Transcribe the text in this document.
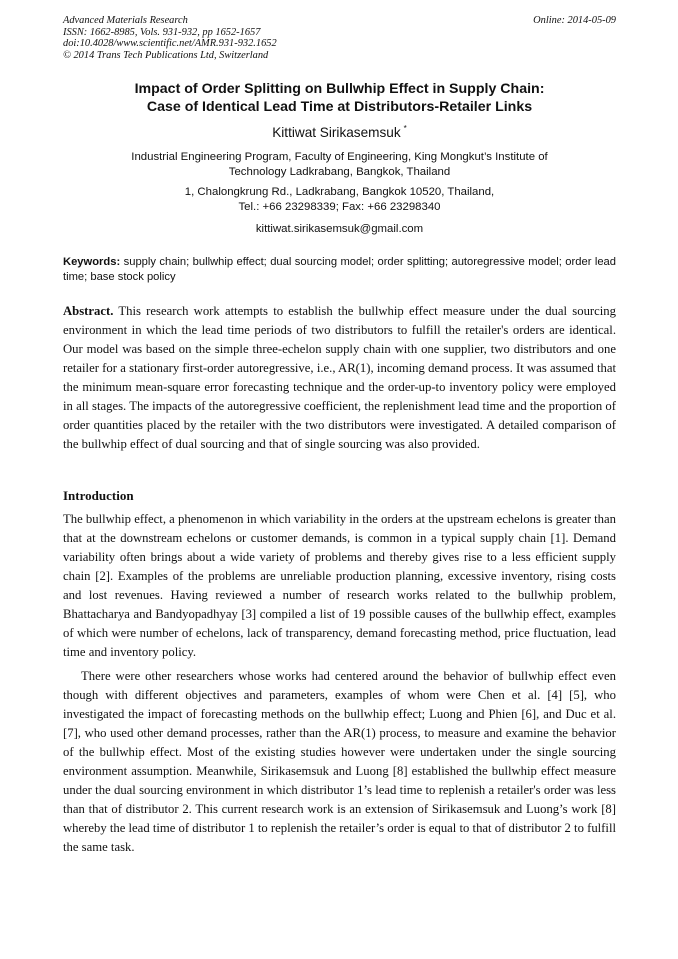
Advanced Materials Research	Online: 2014-05-09
ISSN: 1662-8985, Vols. 931-932, pp 1652-1657
doi:10.4028/www.scientific.net/AMR.931-932.1652
© 2014 Trans Tech Publications Ltd, Switzerland
Impact of Order Splitting on Bullwhip Effect in Supply Chain:
Case of Identical Lead Time at Distributors-Retailer Links
Kittiwat Sirikasemsuk *
Industrial Engineering Program, Faculty of Engineering, King Mongkut’s Institute of
Technology Ladkrabang, Bangkok, Thailand
1, Chalongkrung Rd., Ladkrabang, Bangkok 10520, Thailand,
Tel.: +66 23298339; Fax: +66 23298340
kittiwat.sirikasemsuk@gmail.com
Keywords: supply chain; bullwhip effect; dual sourcing model; order splitting; autoregressive model; order lead time; base stock policy
Abstract. This research work attempts to establish the bullwhip effect measure under the dual sourcing environment in which the lead time periods of two distributors to fulfill the retailer's orders are identical. Our model was based on the simple three-echelon supply chain with one supplier, two distributors and one retailer for a stationary first-order autoregressive, i.e., AR(1), incoming demand process. It was assumed that the minimum mean-square error forecasting technique and the order-up-to inventory policy were employed in all stages. The impacts of the autoregressive coefficient, the replenishment lead time and the proportion of order quantities placed by the retailer with the two distributors were investigated. A detailed comparison of the bullwhip effect of dual sourcing and that of single sourcing was also provided.
Introduction

The bullwhip effect, a phenomenon in which variability in the orders at the upstream echelons is greater than that at the downstream echelons or customer demands, is common in a typical supply chain [1]. Demand variability often brings about a wide variety of problems and thereby gives rise to a less efficient supply chain [2]. Examples of the problems are unreliable production planning, excessive inventory, rising costs and lost revenues. Having reviewed a number of research works related to the bullwhip problem, Bhattacharya and Bandyopadhyay [3] compiled a list of 19 possible causes of the bullwhip effect, examples of which were number of echelons, lack of transparency, demand forecasting method, price fluctuation, lead time and inventory policy.

There were other researchers whose works had centered around the behavior of bullwhip effect even though with different objectives and parameters, examples of whom were Chen et al. [4] [5], who investigated the impact of forecasting methods on the bullwhip effect; Luong and Phien [6], and Duc et al. [7], who used other demand processes, rather than the AR(1) process, to measure and examine the behavior of the bullwhip effect. Most of the existing studies however were undertaken under the single sourcing environment assumption. Meanwhile, Sirikasemsuk and Luong [8] established the bullwhip effect measure under the dual sourcing environment in which distributor 1’s lead time to replenish a retailer's order was less than that of distributor 2. This current research work is an extension of Sirikasemsuk and Luong’s work [8] whereby the lead time of distributor 1 to replenish the retailer’s order is equal to that of distributor 2 to fulfill the same task.
